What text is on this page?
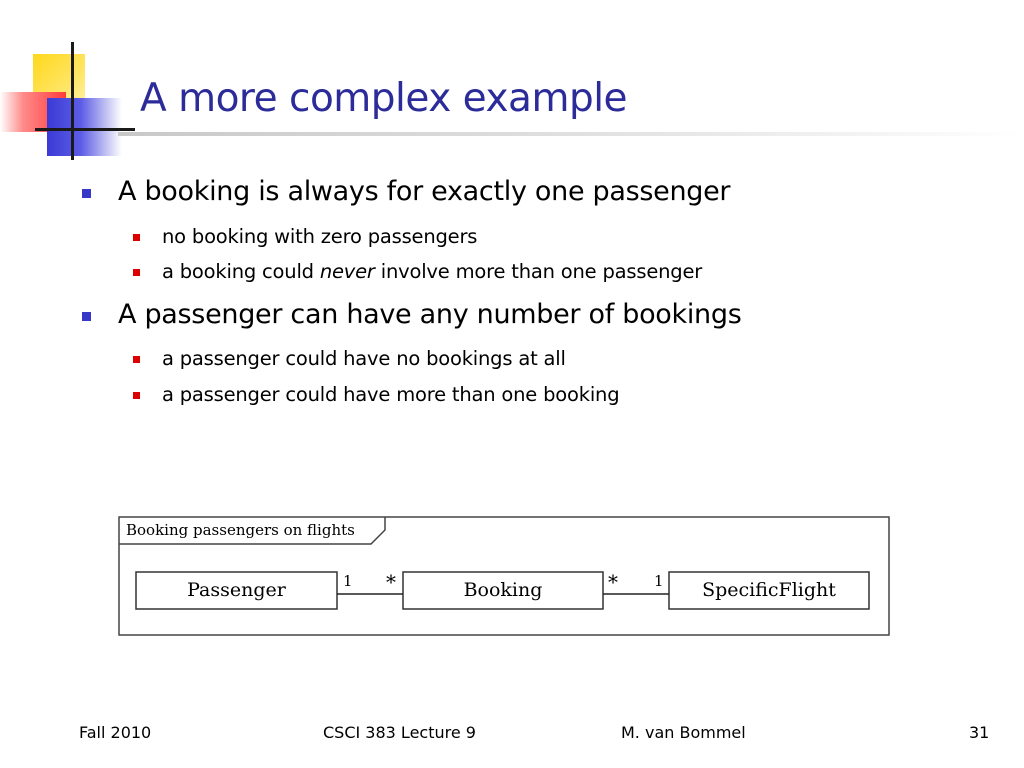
A more complex example
A booking is always for exactly one passenger
no booking with zero passengers
a booking could never involve more than one passenger
A passenger can have any number of bookings
a passenger could have no bookings at all
a passenger could have more than one booking
Booking passengers on flights
Passenger	Booking	SpecificFlight
1 *	* 1
Fall 2010	CSCI 383 Lecture 9	M. van Bommel	31
